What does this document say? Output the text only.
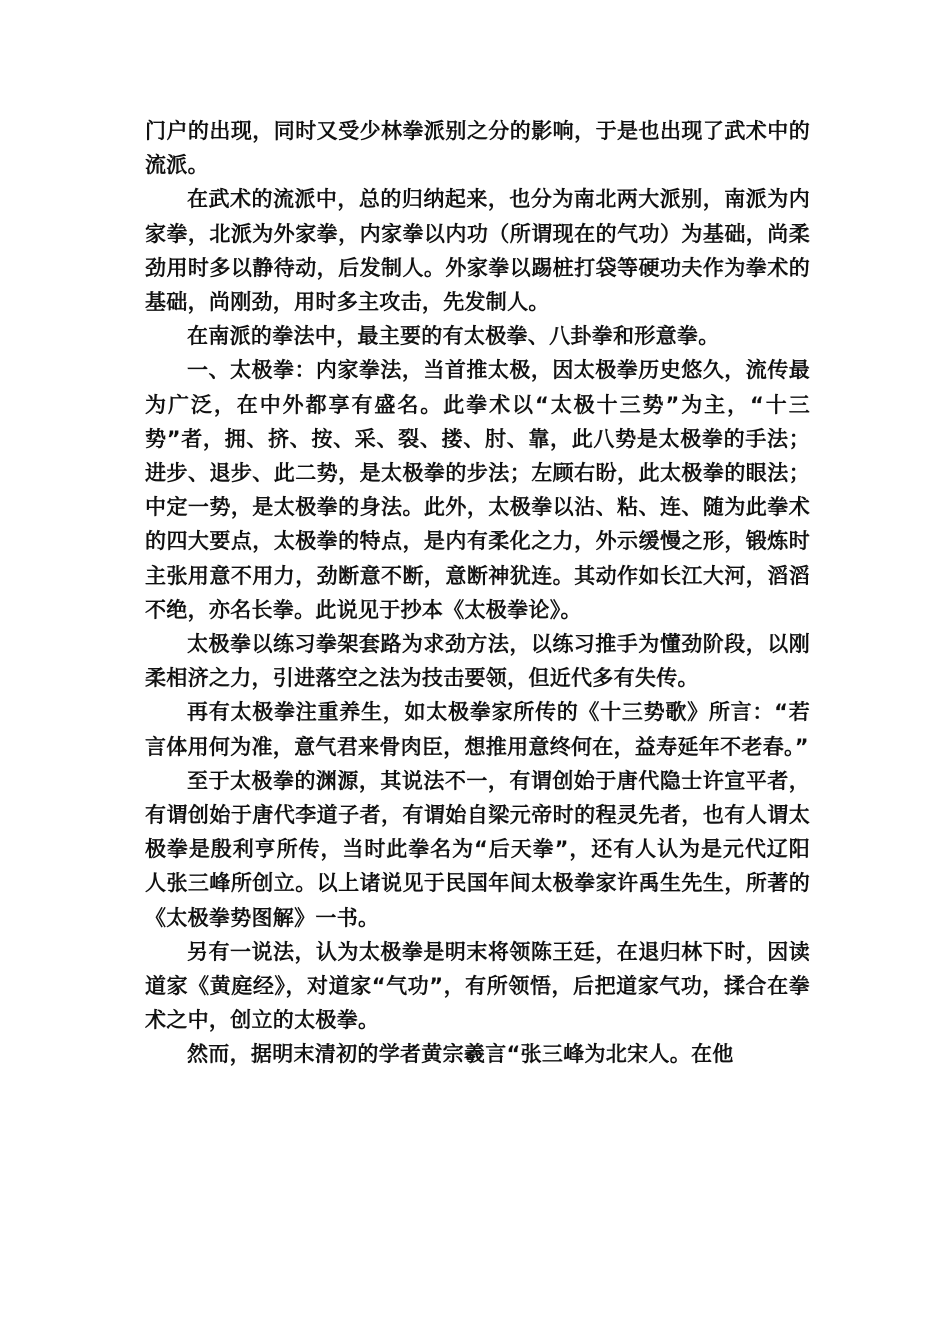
门户的出现，同时又受少林拳派别之分的影响，于是也出现了武术中的流派。

在武术的流派中，总的归纳起来，也分为南北两大派别，南派为内家拳，北派为外家拳，内家拳以内功（所谓现在的气功）为基础，尚柔劲用时多以静待动，后发制人。外家拳以踢桩打袋等硬功夫作为拳术的基础，尚刚劲，用时多主攻击，先发制人。

在南派的拳法中，最主要的有太极拳、八卦拳和形意拳。

一、太极拳：内家拳法，当首推太极，因太极拳历史悠久，流传最为广泛，在中外都享有盛名。此拳术以“太极十三势”为主，“十三势”者，拥、挤、按、采、裂、搂、肘、靠，此八势是太极拳的手法；进步、退步、此二势，是太极拳的步法；左顾右盼，此太极拳的眼法；中定一势，是太极拳的身法。此外，太极拳以沾、粘、连、随为此拳术的四大要点，太极拳的特点，是内有柔化之力，外示缓慢之形，锻炼时主张用意不用力，劲断意不断，意断神犹连。其动作如长江大河，滔滔不绝，亦名长拳。此说见于抄本《太极拳论》。

太极拳以练习拳架套路为求劲方法，以练习推手为懂劲阶段，以刚柔相济之力，引进落空之法为技击要领，但近代多有失传。

再有太极拳注重养生，如太极拳家所传的《十三势歌》所言：“若言体用何为准，意气君来骨肉臣，想推用意终何在，益寿延年不老春。”

至于太极拳的渊源，其说法不一，有谓创始于唐代隐士许宣平者，有谓创始于唐代李道子者，有谓始自梁元帝时的程灵先者，也有人谓太极拳是殷利亨所传，当时此拳名为“后天拳”，还有人认为是元代辽阳人张三峰所创立。以上诸说见于民国年间太极拳家许禹生先生，所著的《太极拳势图解》一书。

另有一说法，认为太极拳是明末将领陈王廷，在退归林下时，因读道家《黄庭经》，对道家“气功”，有所领悟，后把道家气功，揉合在拳术之中，创立的太极拳。

然而，据明末清初的学者黄宗羲言“张三峰为北宋人。在他
